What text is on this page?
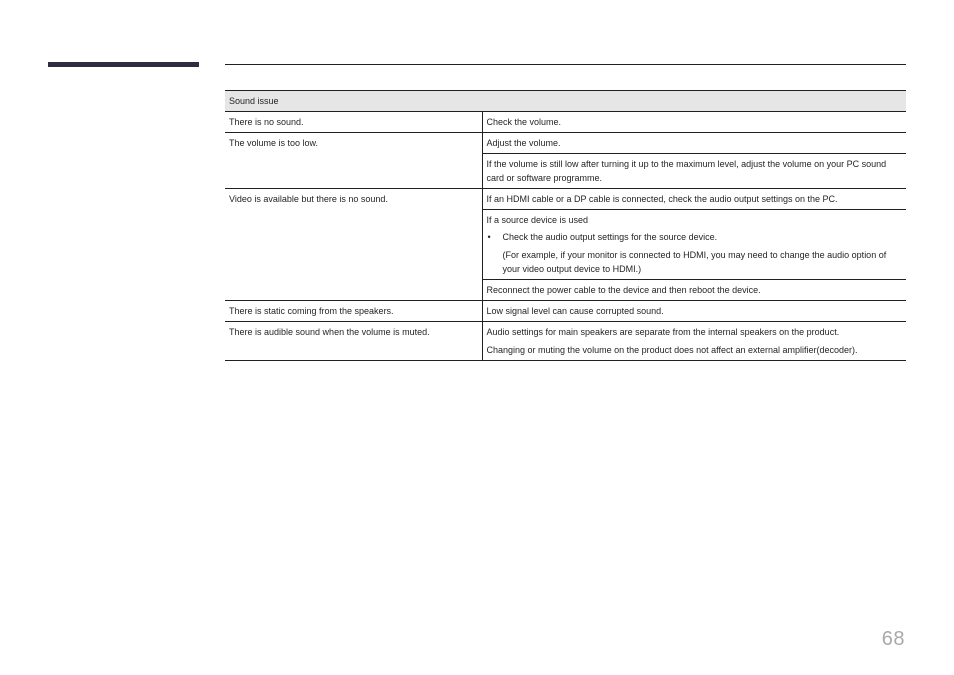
Sound issue	
There is no sound.	Check the volume.
The volume is too low.	Adjust the volume.
	If the volume is still low after turning it up to the maximum level, adjust the volume on your PC sound card or software programme.
Video is available but there is no sound.	If an HDMI cable or a DP cable is connected, check the audio output settings on the PC.

	If a source device is used
• Check the audio output settings for the source device.
(For example, if your monitor is connected to HDMI, you may need to change the audio option of your video output device to HDMI.)

	Reconnect the power cable to the device and then reboot the device.
There is static coming from the speakers.	Low signal level can cause corrupted sound.
There is audible sound when the volume is muted.	Audio settings for main speakers are separate from the internal speakers on the product.
Changing or muting the volume on the product does not affect an external amplifier(decoder).
68
